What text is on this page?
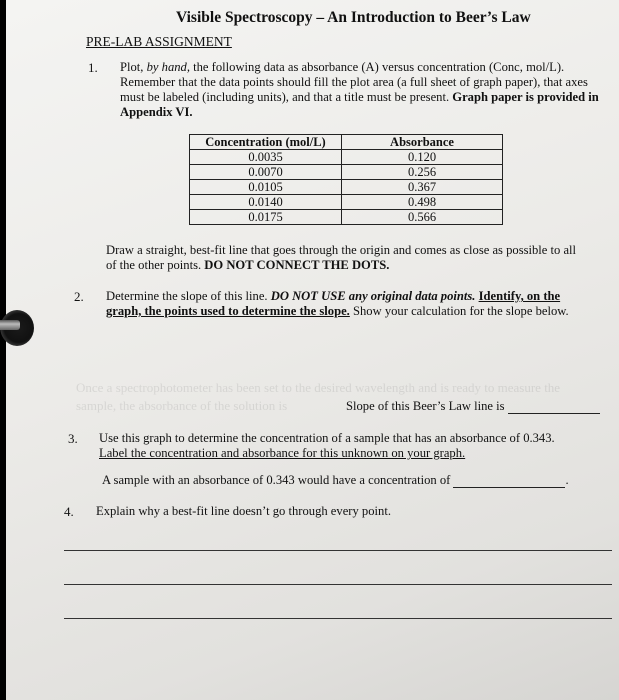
Once a spectrophotometer has been set to the desired wavelength and is ready to measure the
sample, the absorbance of the solution is
Visible Spectroscopy – An Introduction to Beer’s Law
PRE-LAB ASSIGNMENT
1. Plot, by hand, the following data as absorbance (A) versus concentration (Conc, mol/L).
Remember that the data points should fill the plot area (a full sheet of graph paper), that axes
must be labeled (including units), and that a title must be present. Graph paper is provided in
Appendix VI.
Concentration (mol/L)	Absorbance
0.0035	0.120
0.0070	0.256
0.0105	0.367
0.0140	0.498
0.0175	0.566
Draw a straight, best-fit line that goes through the origin and comes as close as possible to all
of the other points. DO NOT CONNECT THE DOTS.
2. Determine the slope of this line. DO NOT USE any original data points. Identify, on the
graph, the points used to determine the slope. Show your calculation for the slope below.
Slope of this Beer’s Law line is
3. Use this graph to determine the concentration of a sample that has an absorbance of 0.343.
Label the concentration and absorbance for this unknown on your graph.
A sample with an absorbance of 0.343 would have a concentration of	.
4. Explain why a best-fit line doesn’t go through every point.
